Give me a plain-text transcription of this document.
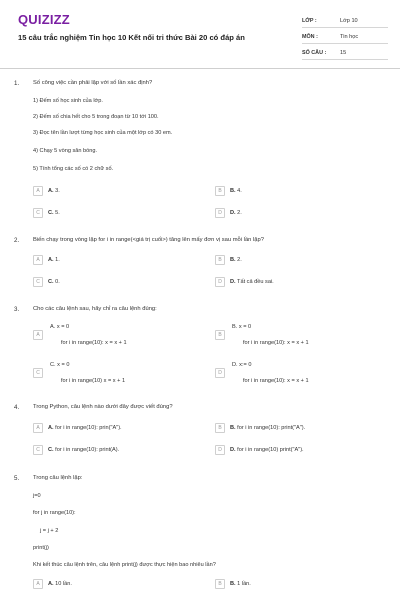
QUIZIZZ
15 câu trắc nghiệm Tin học 10 Kết nối tri thức Bài 20 có đáp án
LỚP :	Lớp 10
MÔN :	Tin học
SỐ CÂU :	15
1. Số công việc cần phải lặp với số lần xác định?
1) Đếm số học sinh của lớp.
2) Đếm số chia hết cho 5 trong đoạn từ 10 tới 100.
3) Đọc tên lần lượt từng học sinh của một lớp có 30 em.
4) Chạy 5 vòng sân bóng.
5) Tính tổng các số có 2 chữ số.
A	A. 3.	B	B. 4.
C	C. 5.	D	D. 2.
2. Biến chạy trong vòng lặp for i in range(<giá trị cuối>) tăng lên mấy đơn vị sau mỗi lần lặp?
A	A. 1.	B	B. 2.
C	C. 0.	D	D. Tất cả đều sai.
3. Cho các câu lệnh sau, hãy chỉ ra câu lệnh đúng:
A
A. x = 0
for i in range(10): x = x + 1
B
B. x = 0
for i in range(10): x = x + 1
C
C. x = 0
for i in range(10) x = x + 1
D
D. x:= 0
for i in range(10): x = x + 1
4. Trong Python, câu lệnh nào dưới đây được viết đúng?
A	A. for i in range(10): prin("A").	B	B. for i in range(10): print("A").
C	C. for i in range(10): print(A).	D	D. for i in range(10) print("A").
5. Trong câu lệnh lặp:
j=0
for j in range(10):
j = j + 2
print(j)
Khi kết thúc câu lệnh trên, câu lệnh print(j) được thực hiện bao nhiêu lần?
A	A. 10 lần.	B	B. 1 lần.
